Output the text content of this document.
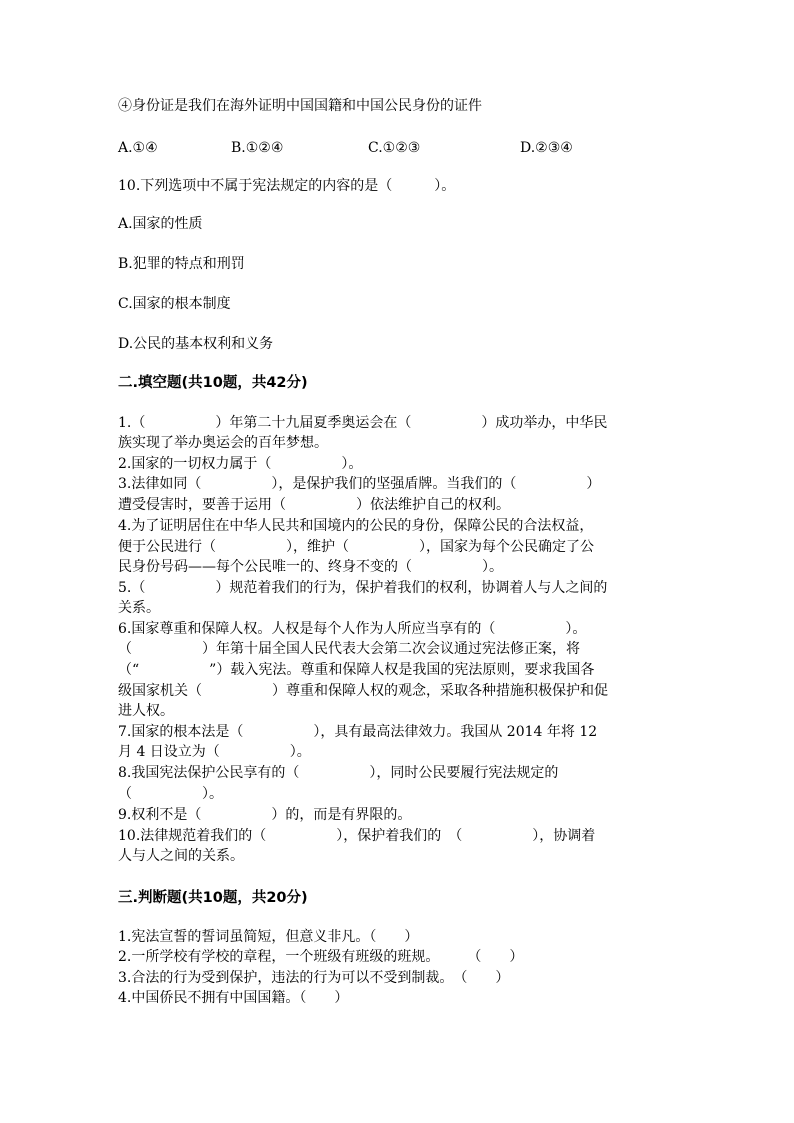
④身份证是我们在海外证明中国国籍和中国公民身份的证件
A.①④	B.①②④	C.①②③	D.②③④
10.下列选项中不属于宪法规定的内容的是（　　　）。
A.国家的性质
B.犯罪的特点和刑罚
C.国家的根本制度
D.公民的基本权利和义务
二.填空题(共10题，共42分)
1.（　　　　　）年第二十九届夏季奥运会在（　　　　　）成功举办，中华民
族实现了举办奥运会的百年梦想。
2.国家的一切权力属于（　　　　　）。
3.法律如同（　　　　　），是保护我们的坚强盾牌。当我们的（　　　　　）
遭受侵害时，要善于运用（　　　　　）依法维护自己的权利。
4.为了证明居住在中华人民共和国境内的公民的身份，保障公民的合法权益，
便于公民进行（　　　　　），维护（　　　　　），国家为每个公民确定了公
民身份号码——每个公民唯一的、终身不变的（　　　　　）。
5.（　　　　　）规范着我们的行为，保护着我们的权利，协调着人与人之间的
关系。
6.国家尊重和保障人权。人权是每个人作为人所应当享有的（　　　　　）。
（　　　　　）年第十届全国人民代表大会第二次会议通过宪法修正案，将
（“　　　　　”）载入宪法。尊重和保障人权是我国的宪法原则，要求我国各
级国家机关（　　　　　）尊重和保障人权的观念，采取各种措施积极保护和促
进人权。
7.国家的根本法是（　　　　　），具有最高法律效力。我国从 2014 年将 12
月 4 日设立为（　　　　　）。
8.我国宪法保护公民享有的（　　　　　），同时公民要履行宪法规定的
（　　　　　）。
9.权利不是（　　　　　）的，而是有界限的。
10.法律规范着我们的（　　　　　），保护着我们的　（　　　　　），协调着
人与人之间的关系。
三.判断题(共10题，共20分)
1.宪法宣誓的誓词虽简短，但意义非凡。（　　）
2.一所学校有学校的章程，一个班级有班级的班规。　　　（　　）
3.合法的行为受到保护，违法的行为可以不受到制裁。　（　　）
4.中国侨民不拥有中国国籍。（　　）
